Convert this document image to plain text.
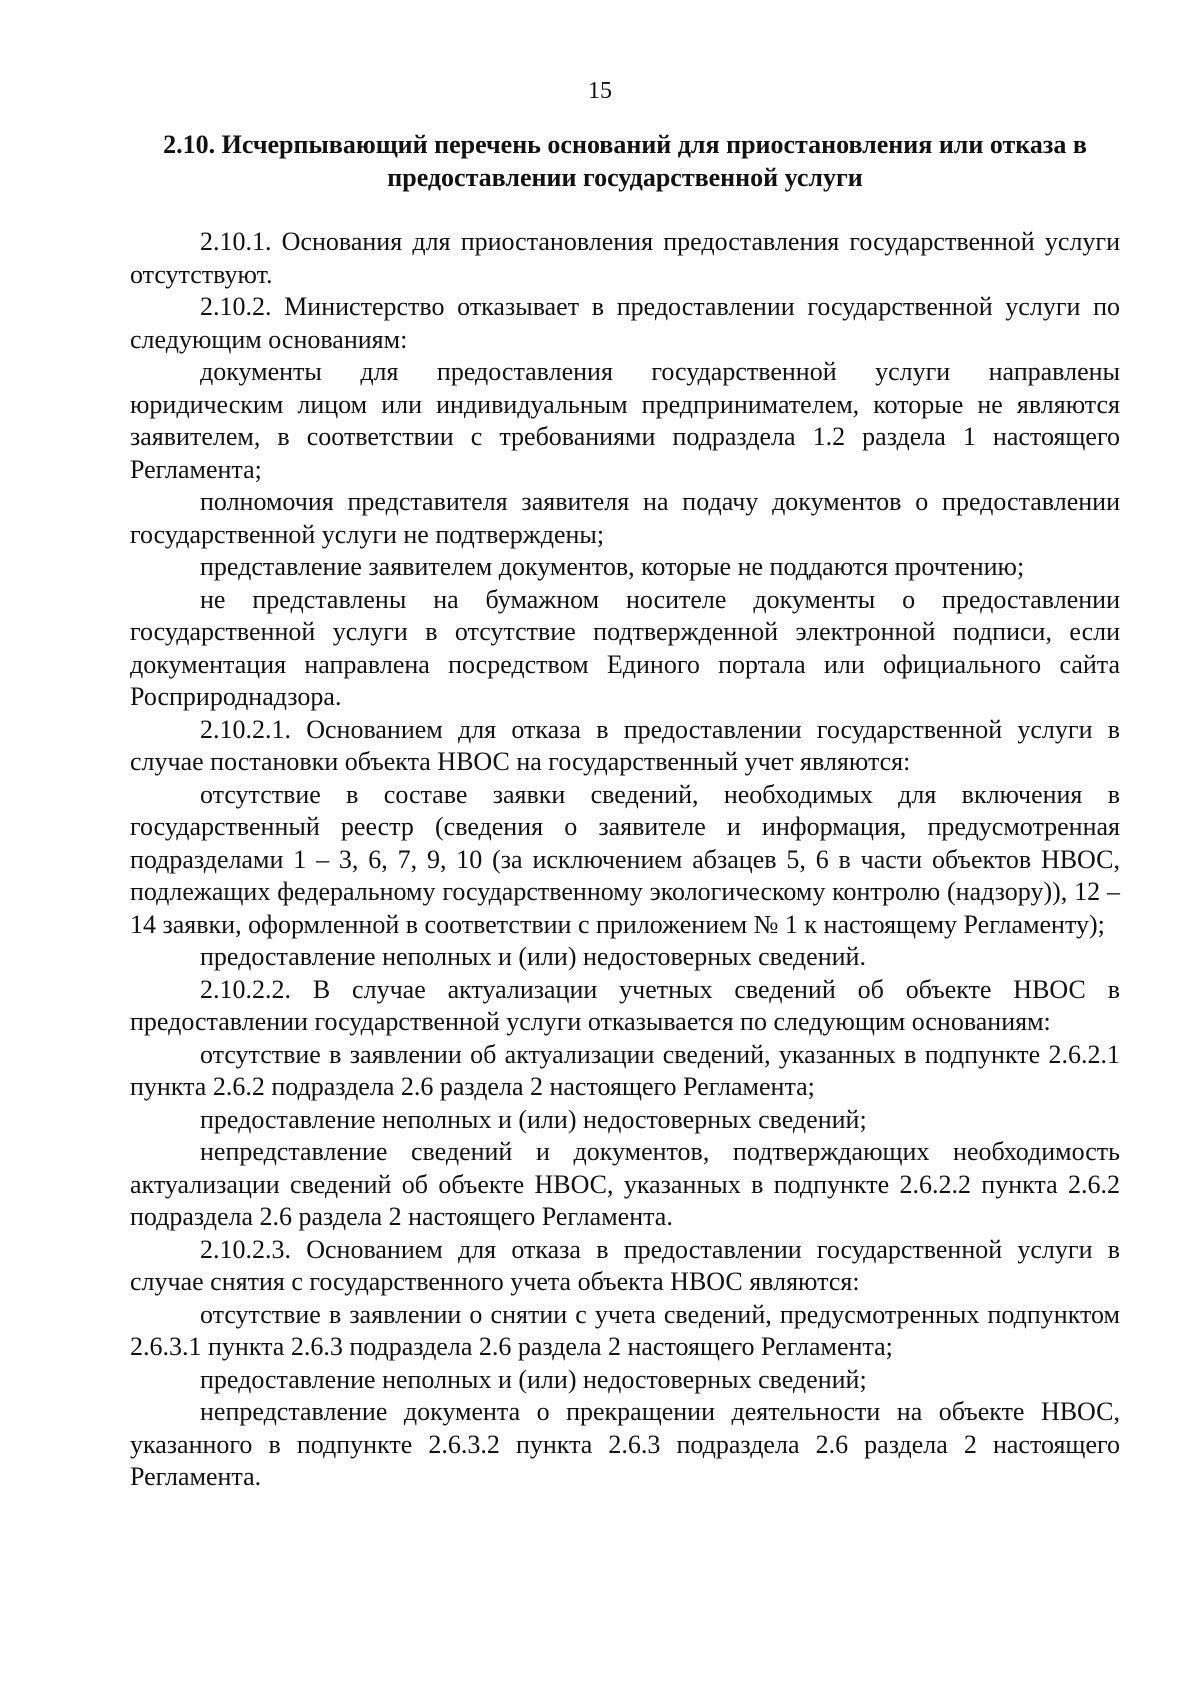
15
2.10. Исчерпывающий перечень оснований для приостановления или отказа в предоставлении государственной услуги

2.10.1. Основания для приостановления предоставления государственной услуги отсутствуют.

2.10.2. Министерство отказывает в предоставлении государственной услуги по следующим основаниям:

документы для предоставления государственной услуги направлены юридическим лицом или индивидуальным предпринимателем, которые не являются заявителем, в соответствии с требованиями подраздела 1.2 раздела 1 настоящего Регламента;

полномочия представителя заявителя на подачу документов о предоставлении государственной услуги не подтверждены;

представление заявителем документов, которые не поддаются прочтению;

не представлены на бумажном носителе документы о предоставлении государственной услуги в отсутствие подтвержденной электронной подписи, если документация направлена посредством Единого портала или официального сайта Росприроднадзора.

2.10.2.1. Основанием для отказа в предоставлении государственной услуги в случае постановки объекта НВОС на государственный учет являются:

отсутствие в составе заявки сведений, необходимых для включения в государственный реестр (сведения о заявителе и информация, предусмотренная подразделами 1 – 3, 6, 7, 9, 10 (за исключением абзацев 5, 6 в части объектов НВОС, подлежащих федеральному государственному экологическому контролю (надзору)), 12 – 14 заявки, оформленной в соответствии с приложением № 1 к настоящему Регламенту);

предоставление неполных и (или) недостоверных сведений.

2.10.2.2. В случае актуализации учетных сведений об объекте НВОС в предоставлении государственной услуги отказывается по следующим основаниям:

отсутствие в заявлении об актуализации сведений, указанных в подпункте 2.6.2.1 пункта 2.6.2 подраздела 2.6 раздела 2 настоящего Регламента;

предоставление неполных и (или) недостоверных сведений;

непредставление сведений и документов, подтверждающих необходимость актуализации сведений об объекте НВОС, указанных в подпункте 2.6.2.2 пункта 2.6.2 подраздела 2.6 раздела 2 настоящего Регламента.

2.10.2.3. Основанием для отказа в предоставлении государственной услуги в случае снятия с государственного учета объекта НВОС являются:

отсутствие в заявлении о снятии с учета сведений, предусмотренных подпунктом 2.6.3.1 пункта 2.6.3 подраздела 2.6 раздела 2 настоящего Регламента;

предоставление неполных и (или) недостоверных сведений;

непредставление документа о прекращении деятельности на объекте НВОС, указанного в подпункте 2.6.3.2 пункта 2.6.3 подраздела 2.6 раздела 2 настоящего Регламента.
